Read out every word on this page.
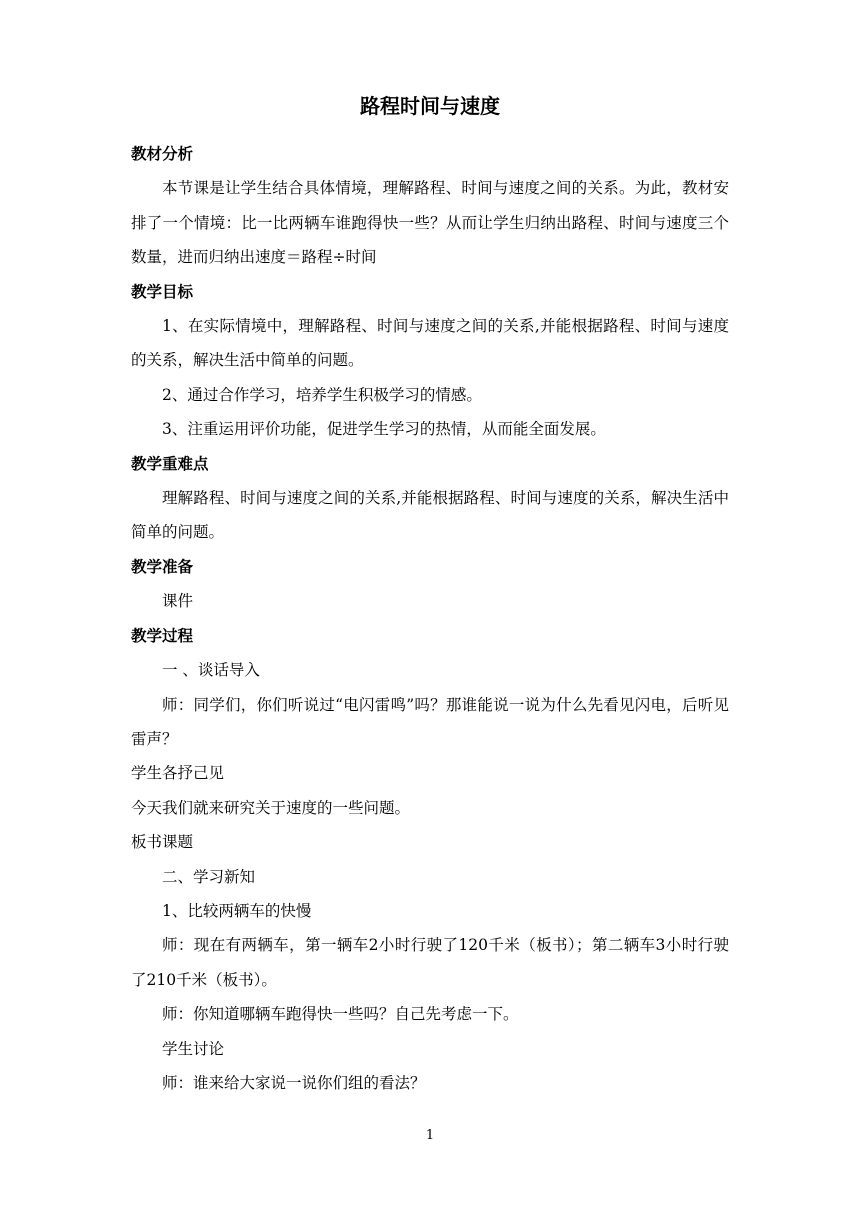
路程时间与速度
教材分析

本节课是让学生结合具体情境，理解路程、时间与速度之间的关系。为此，教材安排了一个情境：比一比两辆车谁跑得快一些？从而让学生归纳出路程、时间与速度三个数量，进而归纳出速度＝路程÷时间

教学目标

1、在实际情境中，理解路程、时间与速度之间的关系,并能根据路程、时间与速度的关系，解决生活中简单的问题。

2、通过合作学习，培养学生积极学习的情感。

3、注重运用评价功能，促进学生学习的热情，从而能全面发展。

教学重难点

理解路程、时间与速度之间的关系,并能根据路程、时间与速度的关系，解决生活中简单的问题。

教学准备

课件

教学过程

一 、谈话导入

师：同学们，你们听说过“电闪雷鸣”吗？那谁能说一说为什么先看见闪电，后听见雷声？

学生各抒己见

今天我们就来研究关于速度的一些问题。

板书课题

二、学习新知

1、比较两辆车的快慢

师：现在有两辆车，第一辆车2小时行驶了120千米（板书）；第二辆车3小时行驶了210千米（板书）。

师：你知道哪辆车跑得快一些吗？自己先考虑一下。

学生讨论

师：谁来给大家说一说你们组的看法？

1
